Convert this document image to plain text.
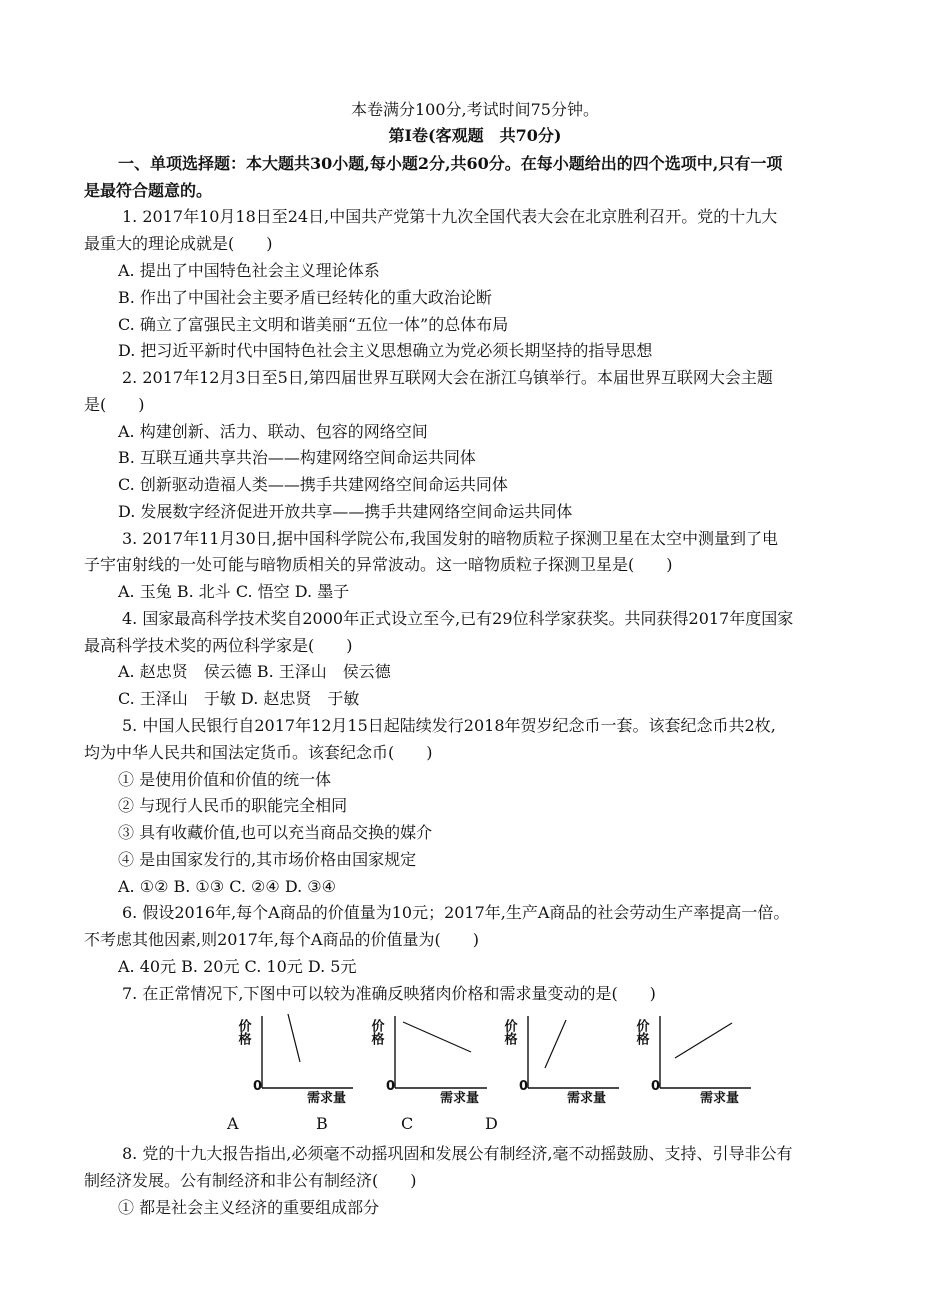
本卷满分100分,考试时间75分钟。
第Ⅰ卷(客观题　共70分)
一、单项选择题：本大题共30小题,每小题2分,共60分。在每小题给出的四个选项中,只有一项
是最符合题意的。
1. 2017年10月18日至24日,中国共产党第十九次全国代表大会在北京胜利召开。党的十九大
最重大的理论成就是(　　)
A. 提出了中国特色社会主义理论体系
B. 作出了中国社会主要矛盾已经转化的重大政治论断
C. 确立了富强民主文明和谐美丽“五位一体”的总体布局
D. 把习近平新时代中国特色社会主义思想确立为党必须长期坚持的指导思想
2. 2017年12月3日至5日,第四届世界互联网大会在浙江乌镇举行。本届世界互联网大会主题
是(　　)
A. 构建创新、活力、联动、包容的网络空间
B. 互联互通共享共治——构建网络空间命运共同体
C. 创新驱动造福人类——携手共建网络空间命运共同体
D. 发展数字经济促进开放共享——携手共建网络空间命运共同体
3. 2017年11月30日,据中国科学院公布,我国发射的暗物质粒子探测卫星在太空中测量到了电
子宇宙射线的一处可能与暗物质相关的异常波动。这一暗物质粒子探测卫星是(　　)
A. 玉兔 B. 北斗 C. 悟空 D. 墨子
4. 国家最高科学技术奖自2000年正式设立至今,已有29位科学家获奖。共同获得2017年度国家
最高科学技术奖的两位科学家是(　　)
A. 赵忠贤　侯云德 B. 王泽山　侯云德
C. 王泽山　于敏 D. 赵忠贤　于敏
5. 中国人民银行自2017年12月15日起陆续发行2018年贺岁纪念币一套。该套纪念币共2枚,
均为中华人民共和国法定货币。该套纪念币(　　)
① 是使用价值和价值的统一体
② 与现行人民币的职能完全相同
③ 具有收藏价值,也可以充当商品交换的媒介
④ 是由国家发行的,其市场价格由国家规定
A. ①② B. ①③ C. ②④ D. ③④
6. 假设2016年,每个A商品的价值量为10元；2017年,生产A商品的社会劳动生产率提高一倍。
不考虑其他因素,则2017年,每个A商品的价值量为(　　)
A. 40元 B. 20元 C. 10元 D. 5元
7. 在正常情况下,下图中可以较为准确反映猪肉价格和需求量变动的是(　　)
价格
0
需求量
价格
0
需求量
价格
0
需求量
价格
0
需求量
A	B	C	D
8. 党的十九大报告指出,必须毫不动摇巩固和发展公有制经济,毫不动摇鼓励、支持、引导非公有
制经济发展。公有制经济和非公有制经济(　　)
① 都是社会主义经济的重要组成部分
